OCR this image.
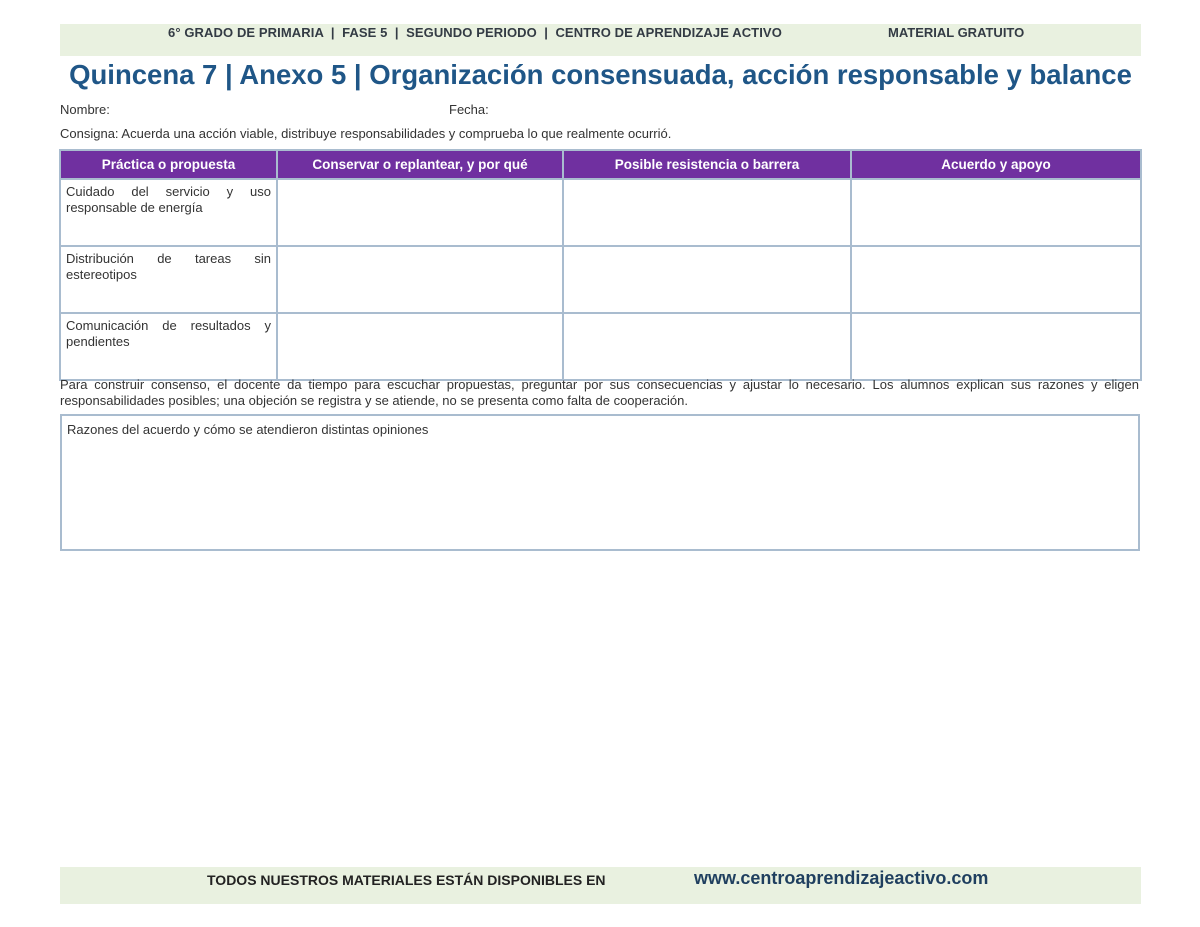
6° GRADO DE PRIMARIA  |  FASE 5  |  SEGUNDO PERIODO  |  CENTRO DE APRENDIZAJE ACTIVO	MATERIAL GRATUITO
Quincena 7 | Anexo 5 | Organización consensuada, acción responsable y balance
Nombre:	Fecha:
Consigna: Acuerda una acción viable, distribuye responsabilidades y comprueba lo que realmente ocurrió.
Práctica o propuesta	Conservar o replantear, y por qué	Posible resistencia o barrera	Acuerdo y apoyo
Cuidado del servicio y uso responsable de energía			
Distribución de tareas sin estereotipos			
Comunicación de resultados y pendientes			
Para construir consenso, el docente da tiempo para escuchar propuestas, preguntar por sus consecuencias y ajustar lo necesario. Los alumnos explican sus razones y eligen responsabilidades posibles; una objeción se registra y se atiende, no se presenta como falta de cooperación.
Razones del acuerdo y cómo se atendieron distintas opiniones
TODOS NUESTROS MATERIALES ESTÁN DISPONIBLES EN	www.centroaprendizajeactivo.com
